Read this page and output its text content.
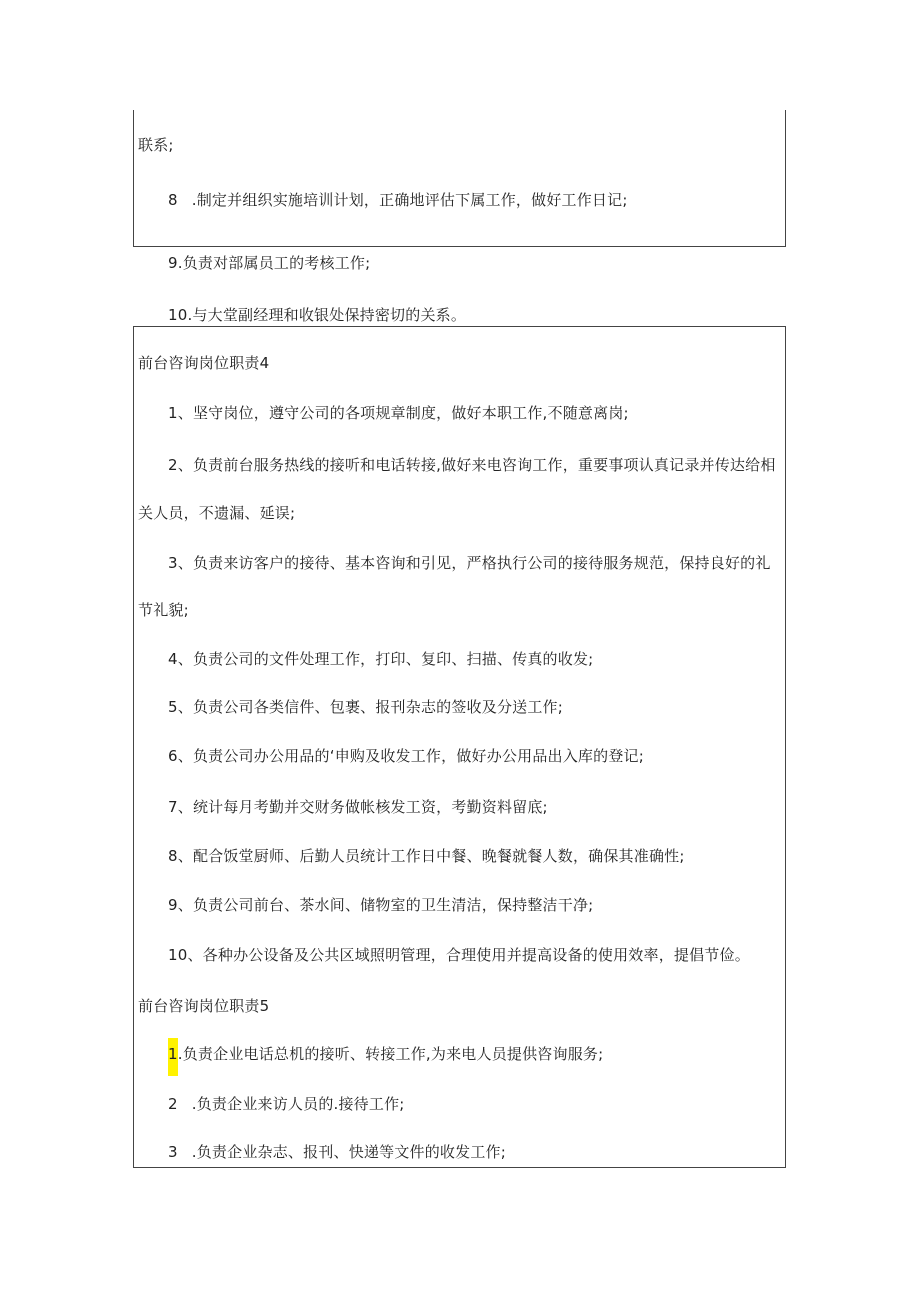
联系;
8 .制定并组织实施培训计划，正确地评估下属工作，做好工作日记;
9.负责对部属员工的考核工作;
10.与大堂副经理和收银处保持密切的关系。
前台咨询岗位职责4
1、坚守岗位，遵守公司的各项规章制度，做好本职工作,不随意离岗;
2、负责前台服务热线的接听和电话转接,做好来电咨询工作，重要事项认真记录并传达给相
关人员，不遗漏、延误;
3、负责来访客户的接待、基本咨询和引见，严格执行公司的接待服务规范，保持良好的礼
节礼貌;
4、负责公司的文件处理工作，打印、复印、扫描、传真的收发;
5、负责公司各类信件、包裹、报刊杂志的签收及分送工作;
6、负责公司办公用品的‘申购及收发工作，做好办公用品出入库的登记;
7、统计每月考勤并交财务做帐核发工资，考勤资料留底;
8、配合饭堂厨师、后勤人员统计工作日中餐、晚餐就餐人数，确保其准确性;
9、负责公司前台、茶水间、储物室的卫生清洁，保持整洁干净;
10、各种办公设备及公共区域照明管理，合理使用并提高设备的使用效率，提倡节俭。
前台咨询岗位职责5
1.负责企业电话总机的接听、转接工作,为来电人员提供咨询服务;
2 .负责企业来访人员的.接待工作;
3 .负责企业杂志、报刊、快递等文件的收发工作;
